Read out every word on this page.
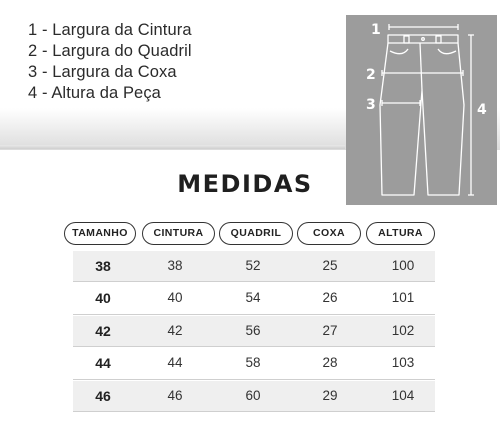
1 - Largura da Cintura
2 - Largura do Quadril
3 - Largura da Coxa
4 - Altura da Peça
1
2
3	4
MEDIDAS
TAMANHO	CINTURA	QUADRIL	COXA	ALTURA
38	38	52	25	100
40	40	54	26	101
42	42	56	27	102
44	44	58	28	103
46	46	60	29	104
